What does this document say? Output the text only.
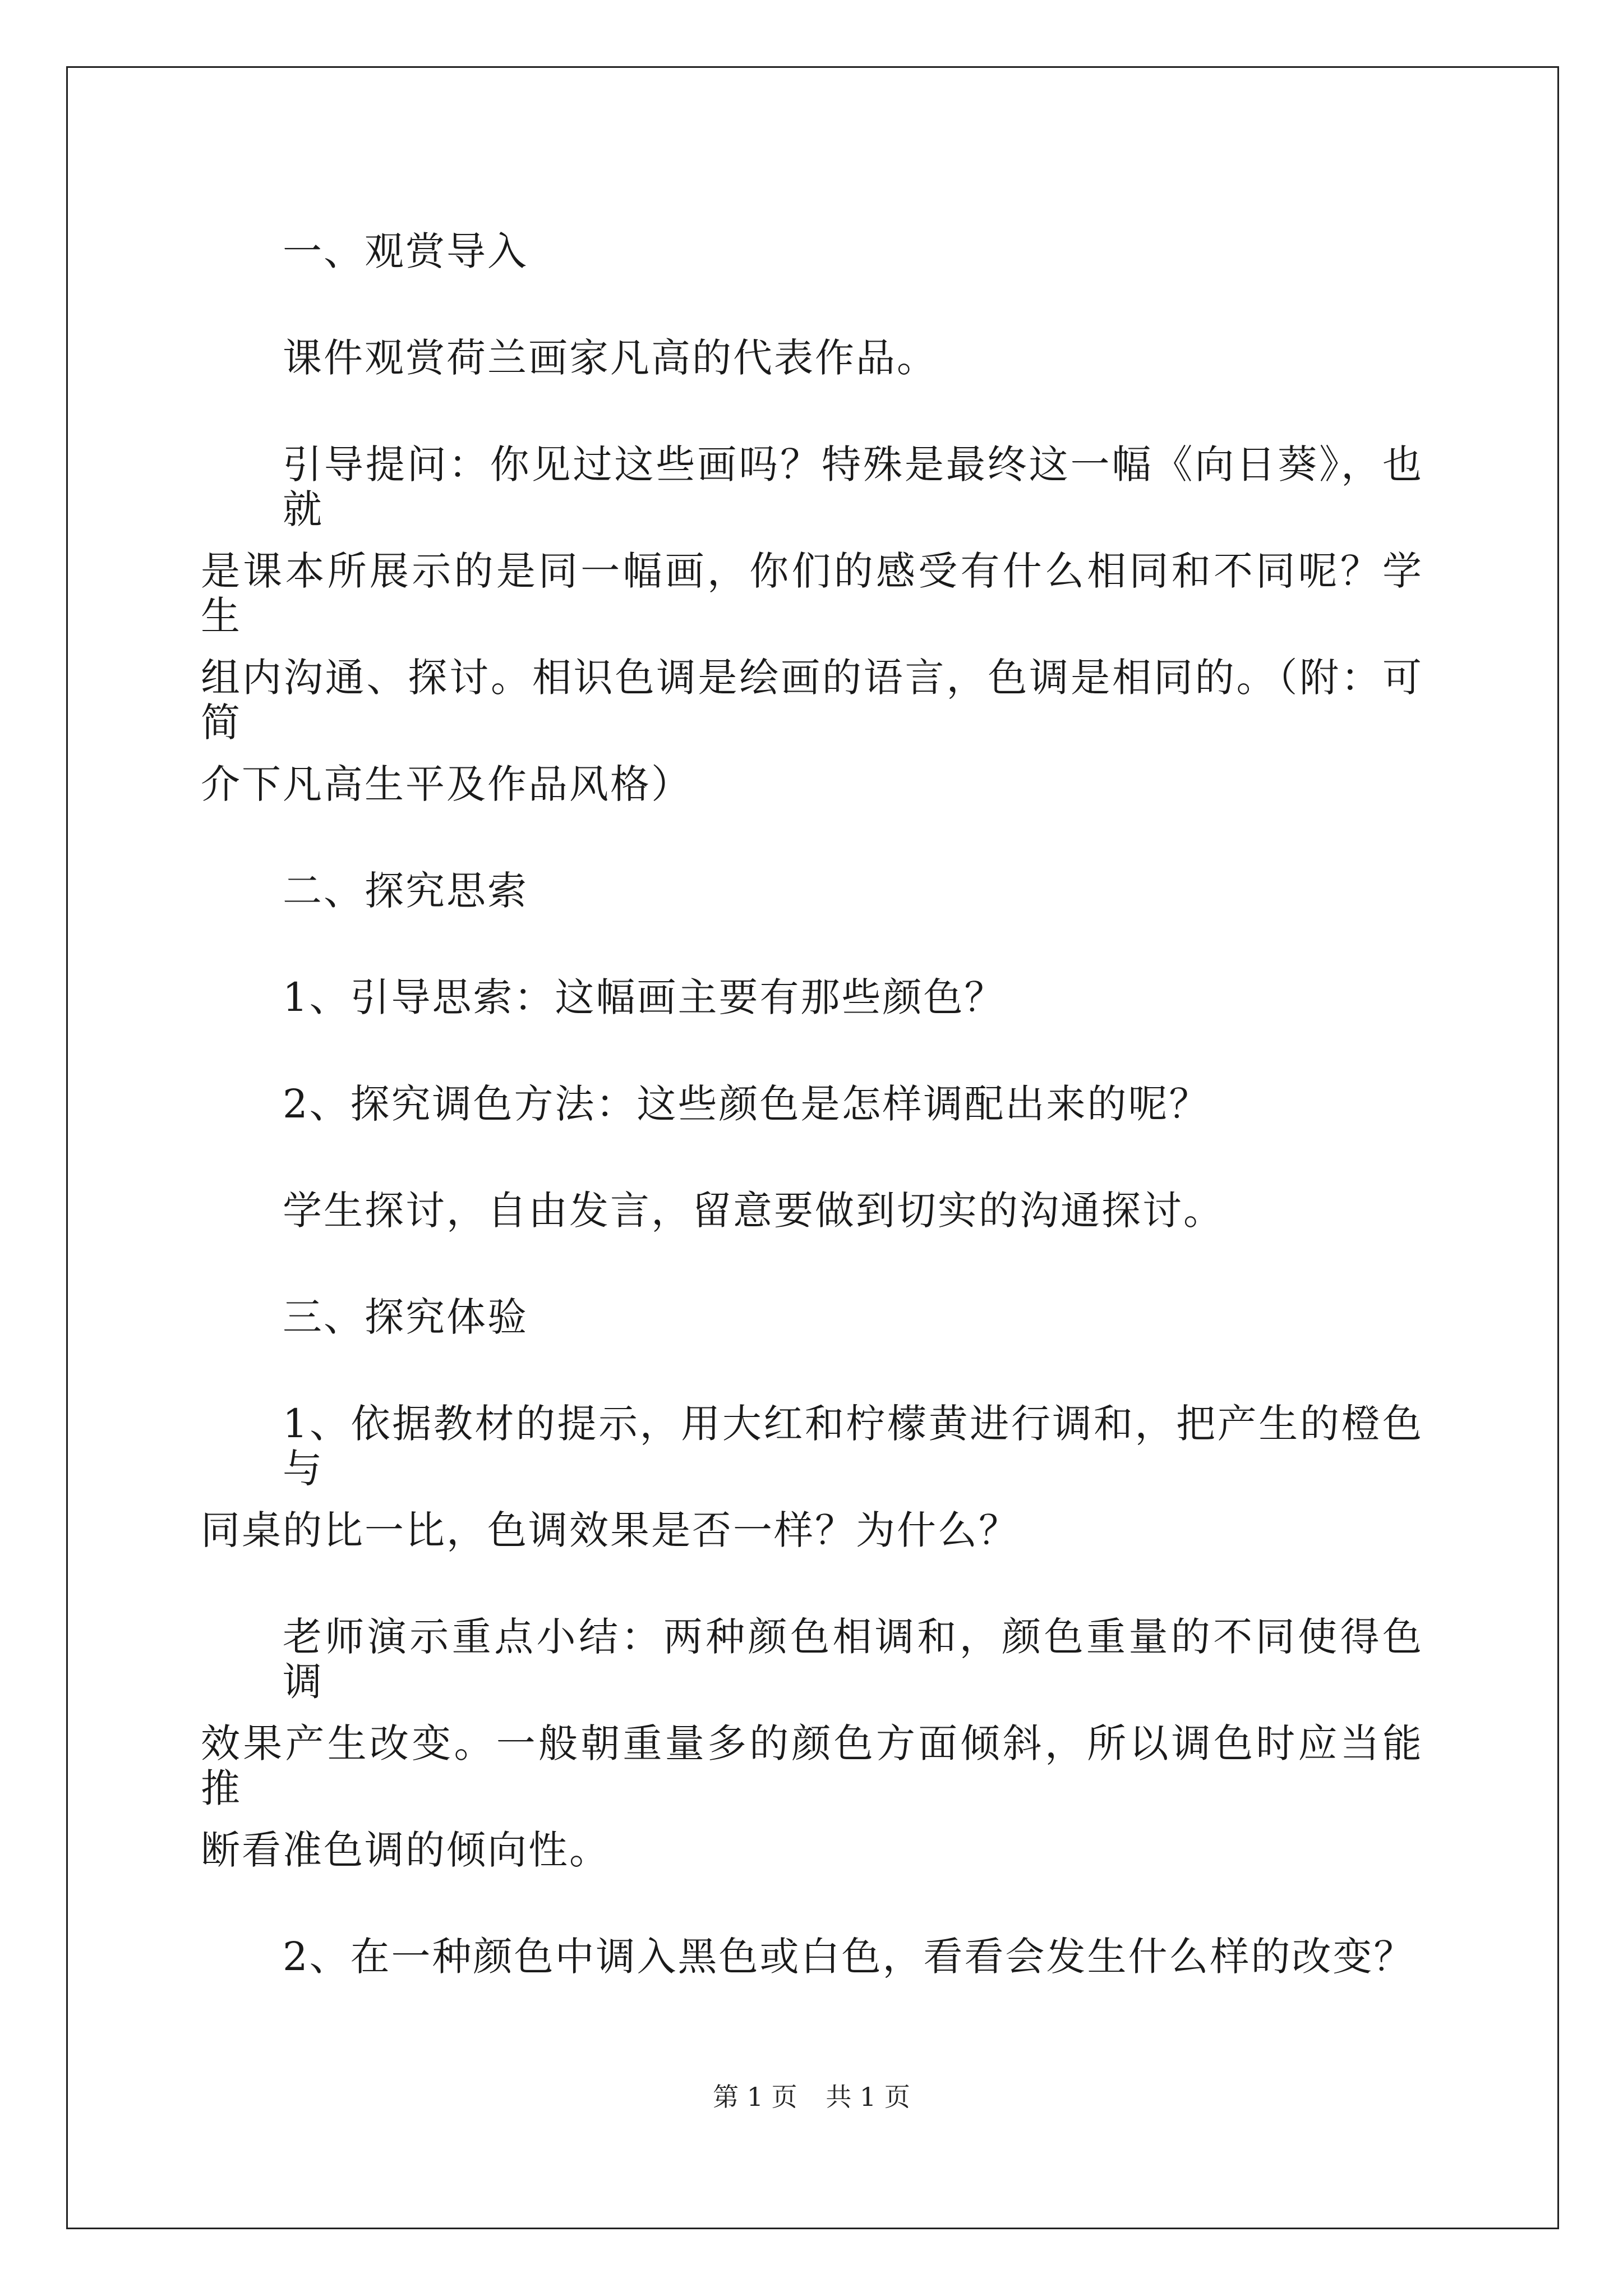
一、观赏导入
课件观赏荷兰画家凡高的代表作品。
引导提问：你见过这些画吗？特殊是最终这一幅《向日葵》，也就
是课本所展示的是同一幅画，你们的感受有什么相同和不同呢？学生
组内沟通、探讨。相识色调是绘画的语言，色调是相同的。（附：可简
介下凡高生平及作品风格）
二、探究思索
1、引导思索：这幅画主要有那些颜色？
2、探究调色方法：这些颜色是怎样调配出来的呢？
学生探讨，自由发言，留意要做到切实的沟通探讨。
三、探究体验
1、依据教材的提示，用大红和柠檬黄进行调和，把产生的橙色与
同桌的比一比，色调效果是否一样？为什么？
老师演示重点小结：两种颜色相调和，颜色重量的不同使得色调
效果产生改变。一般朝重量多的颜色方面倾斜，所以调色时应当能推
断看准色调的倾向性。
2、在一种颜色中调入黑色或白色，看看会发生什么样的改变？
第 1 页 共 1 页
